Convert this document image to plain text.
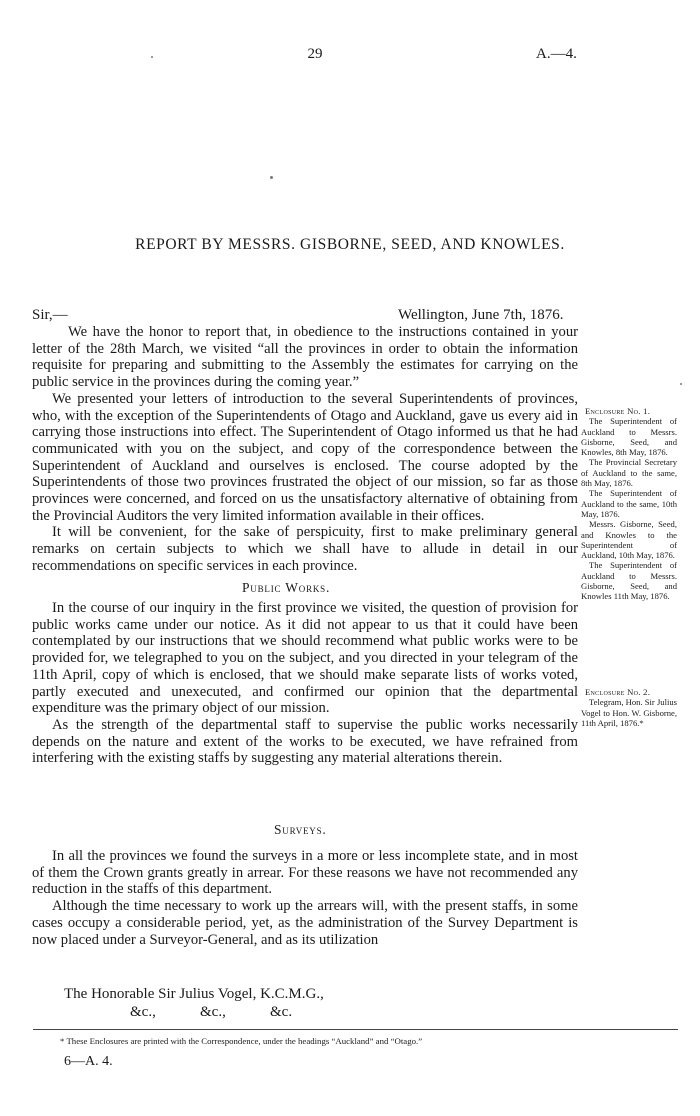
29	A.—4.
REPORT BY MESSRS. GISBORNE, SEED, AND KNOWLES.
Sir,—	Wellington, June 7th, 1876.

We have the honor to report that, in obedience to the instructions contained in your letter of the 28th March, we visited “all the provinces in order to obtain the information requisite for preparing and submitting to the Assembly the estimates for carrying on the public service in the provinces during the coming year.”

We presented your letters of introduction to the several Superintendents of provinces, who, with the exception of the Superintendents of Otago and Auckland, gave us every aid in carrying those instructions into effect. The Superintendent of Otago informed us that he had communicated with you on the subject, and copy of the correspondence between the Superintendent of Auckland and ourselves is enclosed. The course adopted by the Superintendents of those two provinces frustrated the object of our mission, so far as those provinces were concerned, and forced on us the unsatisfactory alternative of obtaining from the Provincial Auditors the very limited information available in their offices.

It will be convenient, for the sake of perspicuity, first to make preliminary general remarks on certain subjects to which we shall have to allude in detail in our recommendations on specific services in each province.

Public Works.

In the course of our inquiry in the first province we visited, the question of provision for public works came under our notice. As it did not appear to us that it could have been contemplated by our instructions that we should recommend what public works were to be provided for, we telegraphed to you on the subject, and you directed in your telegram of the 11th April, copy of which is enclosed, that we should make separate lists of works voted, partly executed and unexecuted, and confirmed our opinion that the departmental expenditure was the primary object of our mission.

As the strength of the departmental staff to supervise the public works necessarily depends on the nature and extent of the works to be executed, we have refrained from interfering with the existing staffs by suggesting any material alterations therein.

Surveys.

In all the provinces we found the surveys in a more or less incomplete state, and in most of them the Crown grants greatly in arrear. For these reasons we have not recommended any reduction in the staffs of this department.

Although the time necessary to work up the arrears will, with the present staffs, in some cases occupy a considerable period, yet, as the administration of the Survey Department is now placed under a Surveyor-General, and as its utilization

Enclosure No. 1.

The Superintendent of Auckland to Messrs. Gisborne, Seed, and Knowles, 8th May, 1876.

The Provincial Secretary of Auckland to the same, 8th May, 1876.

The Superintendent of Auckland to the same, 10th May, 1876.

Messrs. Gisborne, Seed, and Knowles to the Superintendent of Auckland, 10th May, 1876.

The Superintendent of Auckland to Messrs. Gisborne, Seed, and Knowles 11th May, 1876.

Enclosure No. 2.

Telegram, Hon. Sir Julius Vogel to Hon. W. Gisborne, 11th April, 1876.*

The Honorable Sir Julius Vogel, K.C.M.G.,
&c.,	&c.,	&c.
* These Enclosures are printed with the Correspondence, under the headings “Auckland” and “Otago.”
6—A. 4.
